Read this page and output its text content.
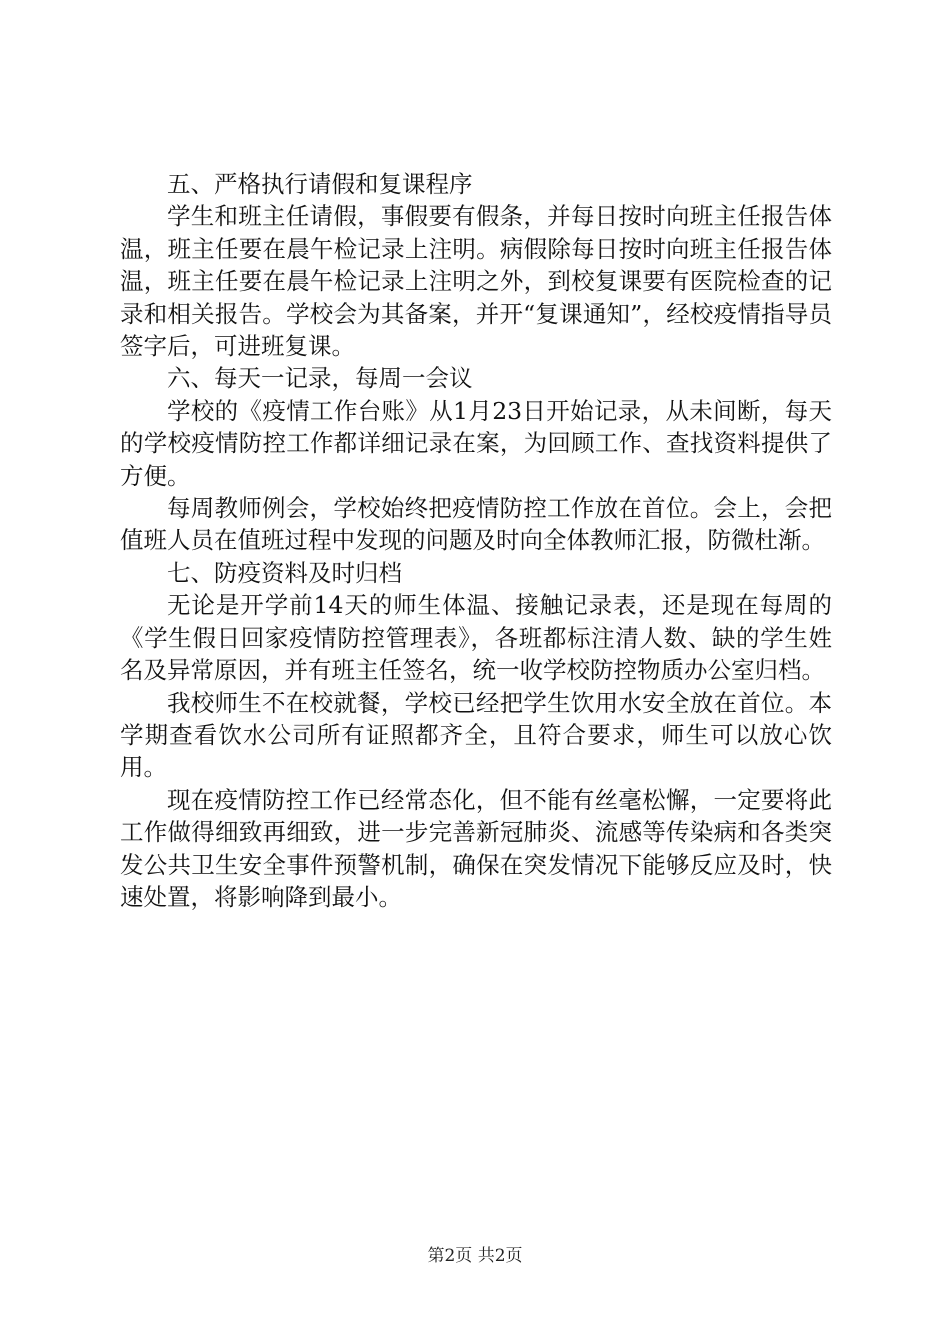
五、严格执行请假和复课程序

学生和班主任请假，事假要有假条，并每日按时向班主任报告体温，班主任要在晨午检记录上注明。病假除每日按时向班主任报告体温，班主任要在晨午检记录上注明之外，到校复课要有医院检查的记录和相关报告。学校会为其备案，并开“复课通知”，经校疫情指导员签字后，可进班复课。

六、每天一记录，每周一会议

学校的《疫情工作台账》从1月23日开始记录，从未间断，每天的学校疫情防控工作都详细记录在案，为回顾工作、查找资料提供了方便。

每周教师例会，学校始终把疫情防控工作放在首位。会上，会把值班人员在值班过程中发现的问题及时向全体教师汇报，防微杜渐。

七、防疫资料及时归档

无论是开学前14天的师生体温、接触记录表，还是现在每周的《学生假日回家疫情防控管理表》，各班都标注清人数、缺的学生姓名及异常原因，并有班主任签名，统一收学校防控物质办公室归档。

我校师生不在校就餐，学校已经把学生饮用水安全放在首位。本学期查看饮水公司所有证照都齐全，且符合要求，师生可以放心饮用。

现在疫情防控工作已经常态化，但不能有丝毫松懈，一定要将此工作做得细致再细致，进一步完善新冠肺炎、流感等传染病和各类突发公共卫生安全事件预警机制，确保在突发情况下能够反应及时，快速处置，将影响降到最小。

第2页 共2页
